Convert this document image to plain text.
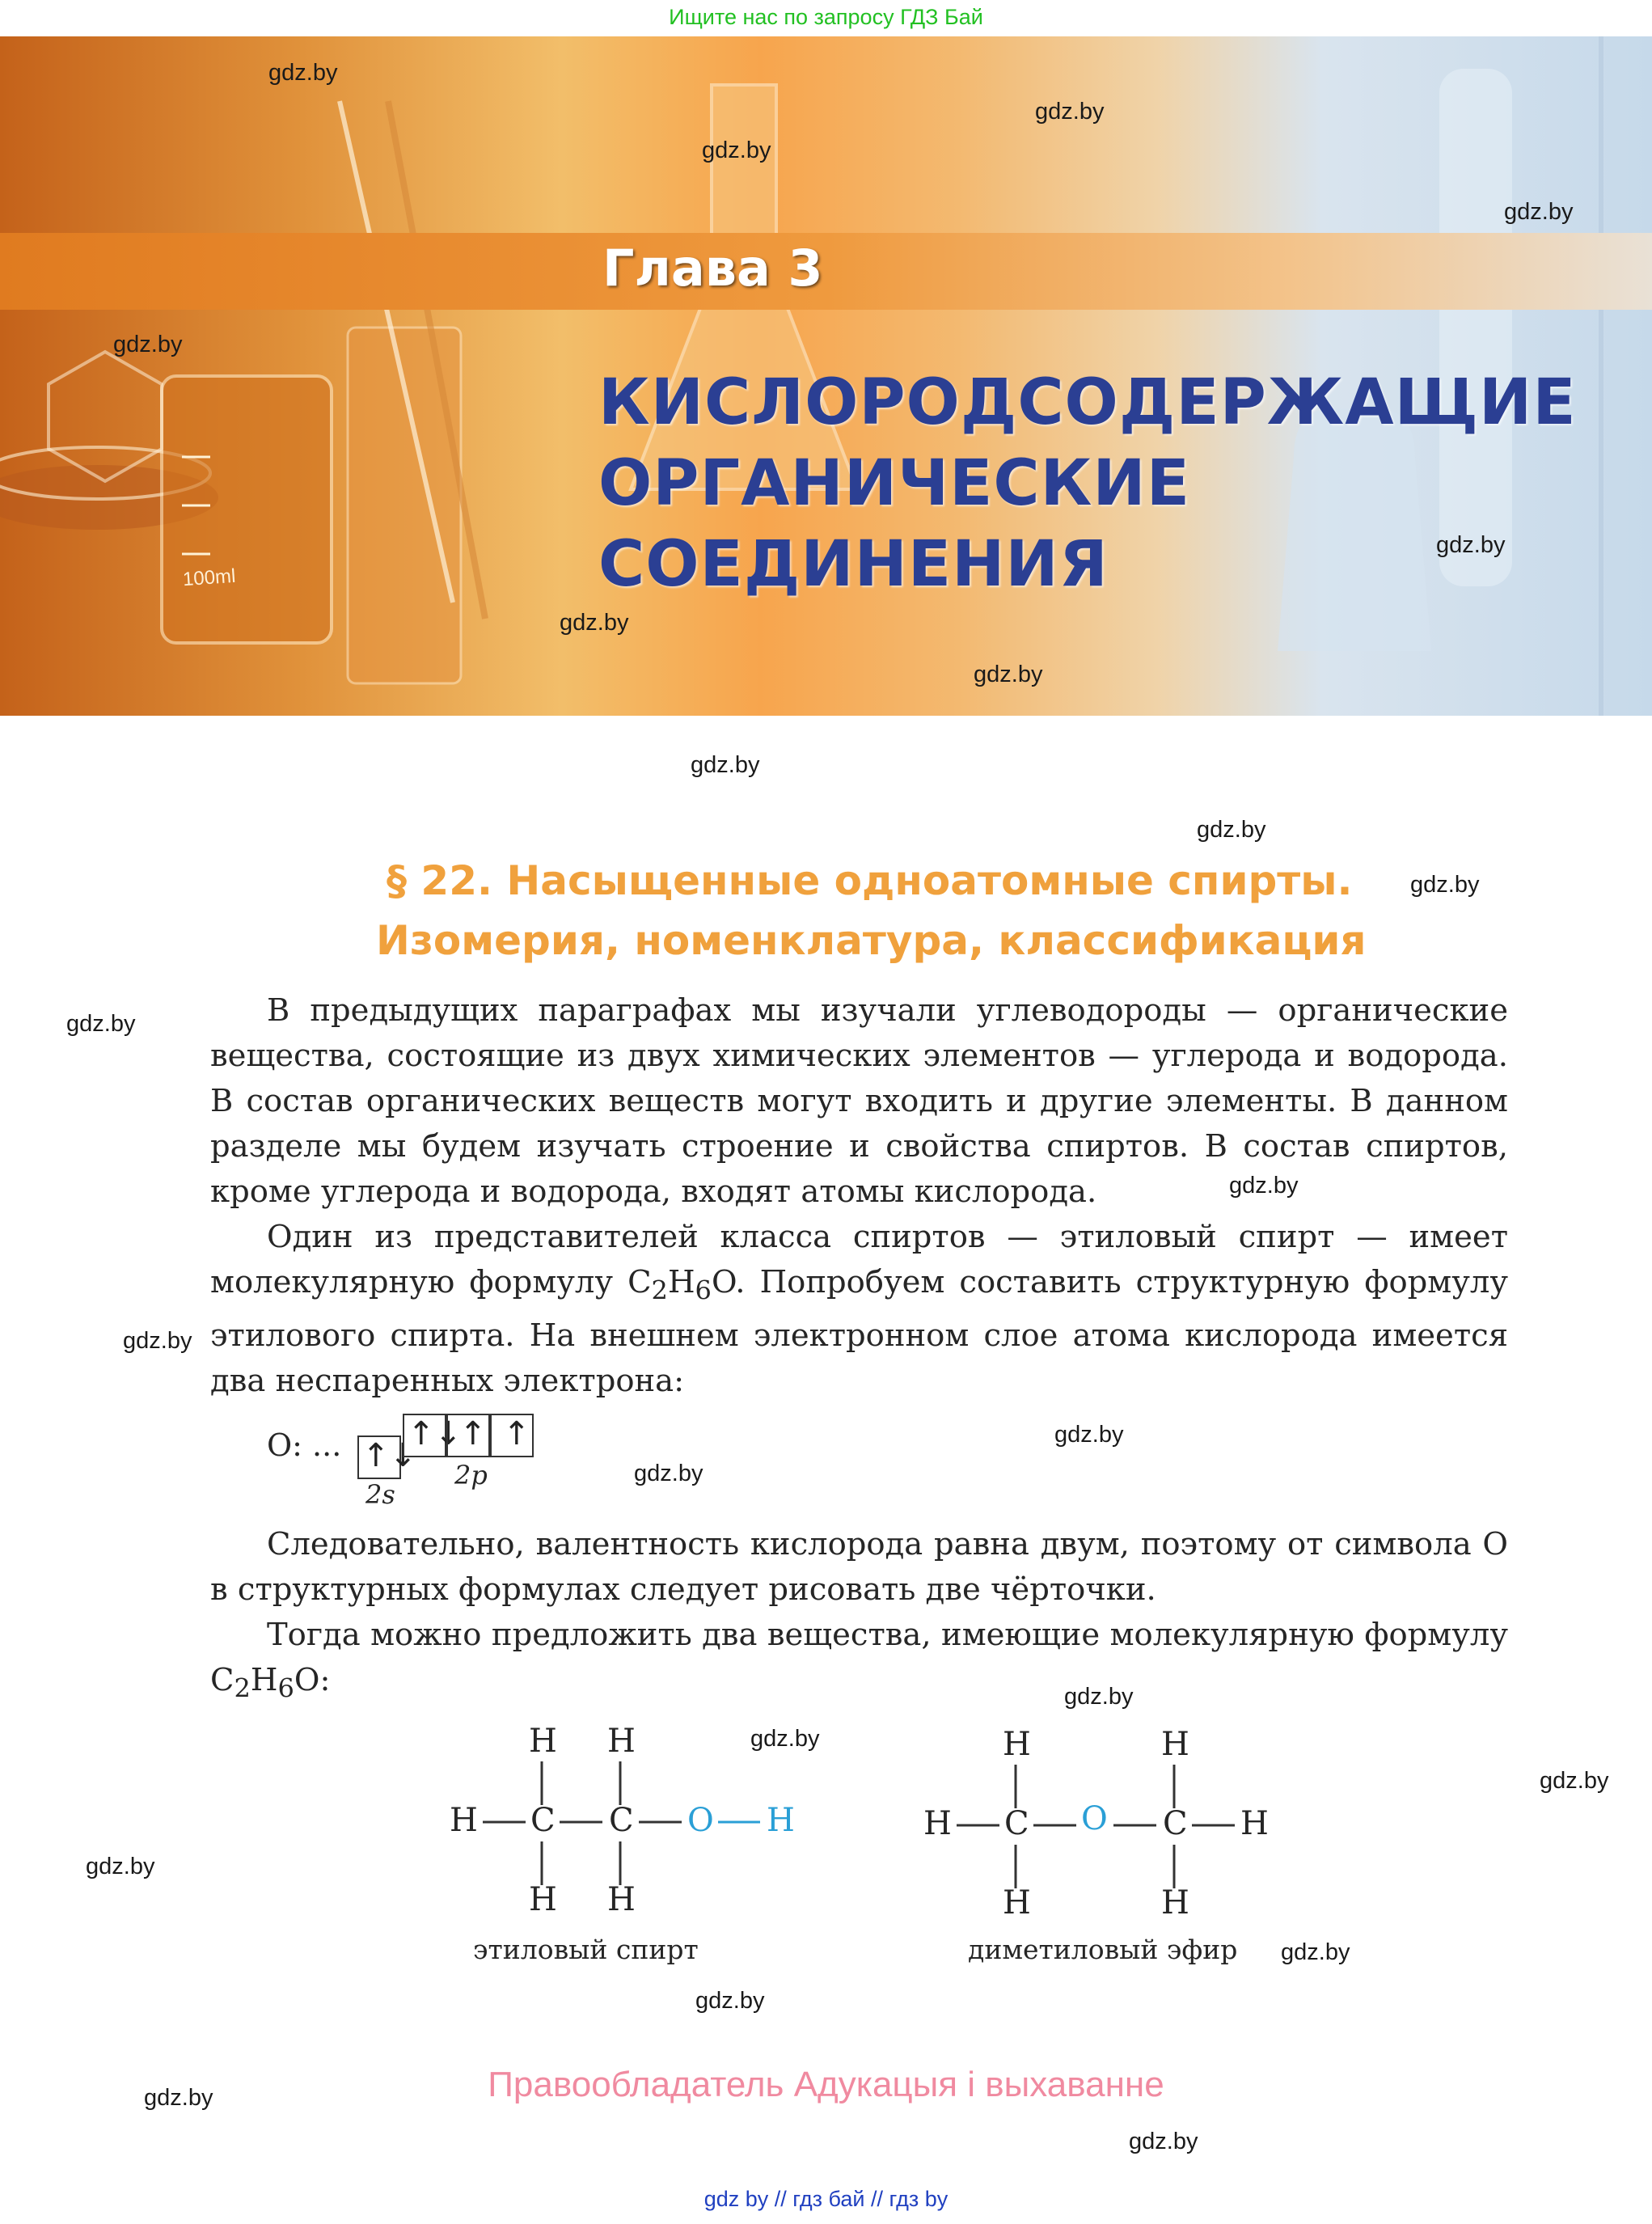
Ищите нас по запросу ГДЗ Бай
100ml
Глава 3
КИСЛОРОДСОДЕРЖАЩИЕ
ОРГАНИЧЕСКИЕ
СОЕДИНЕНИЯ
§ 22. Насыщенные одноатомные спирты.
Изомерия, номенклатура, классификация

В предыдущих параграфах мы изучали углеводороды — органические вещества, состоящие из двух химических элементов — углерода и водорода. В состав органических веществ могут входить и другие элементы. В данном разделе мы будем изучать строение и свойства спиртов. В состав спиртов, кроме углерода и водорода, входят атомы кислорода.

Один из представителей класса спиртов — этиловый спирт — имеет молекулярную формулу $C_2H_6O$. Попробуем составить структурную формулу этилового спирта. На внешнем электронном слое атома кислорода имеется два неспаренных электрона:

O: ... ↑↓
↑↓
↑ ↑
2s
2p

Следовательно, валентность кислорода равна двум, поэтому от символа О в структурных формулах следует рисовать две чёрточки.

Тогда можно предложить два вещества, имеющие молекулярную формулу $C_2H_6O$:

H H
H C C O H
H H
этиловый спирт
H	H
H C O C H
H	H
диметиловый эфир
Правообладатель Адукацыя і выхаванне
gdz by // гдз бай // гдз by
gdz.by
gdz.by
gdz.by
gdz.by
gdz.by
gdz.by
gdz.by
gdz.by
gdz.by
gdz.by
gdz.by
gdz.by
gdz.by
gdz.by
gdz.by
gdz.by
gdz.by
gdz.by
gdz.by
gdz.by
gdz.by
gdz.by
gdz.by
gdz.by
